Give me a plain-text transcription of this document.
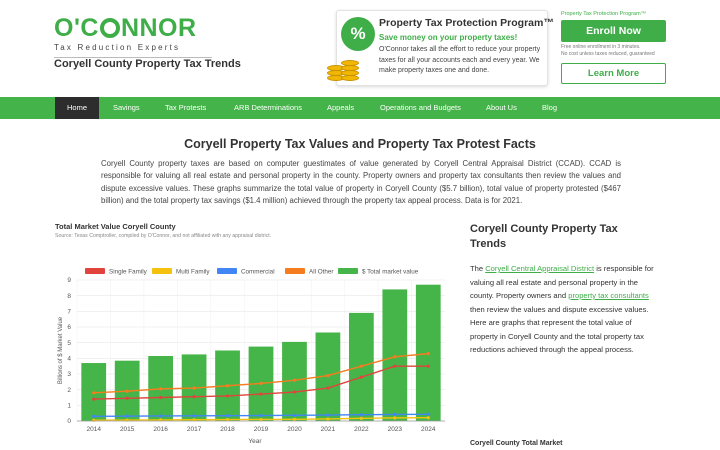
O'C NNOR
Tax Reduction Experts
Coryell County Property Tax Trends
%
Property Tax Protection Program™
Save money on your property taxes!
O'Connor takes all the effort to reduce your property taxes for all your accounts each and every year. We make property taxes one and done.
Property Tax Protection Program™
Enroll Now
Free online enrollment in 3 minutes.
No cost unless taxes reduced, guaranteed
Learn More
Home	Savings	Tax Protests	ARB Determinations	Appeals	Operations and Budgets	About Us	Blog
Coryell Property Tax Values and Property Tax Protest Facts

Coryell County property taxes are based on computer guestimates of value generated by Coryell Central Appraisal District (CCAD). CCAD is responsible for valuing all real estate and personal property in the county. Property owners and property tax consultants then review the values and dispute excessive values. These graphs summarize the total value of property in Coryell County ($5.7 billion), total value of property protested ($467 billion) and the total property tax savings ($1.4 million) achieved through the property tax appeal process. Data is for 2021.

Total Market Value Coryell County
Source: Texas Comptroller, compiled by O'Connor, and not affiliated with any appraisal district.
Single Family	Multi Family	Commercial	All Other	$ Total market value
0
1
2
3
4
5
6
7
8
9
2014	2015	2016	2017	2018	2019	2020	2021	2022	2023	2024
Year
Billions of $ Market Value
Coryell County Property Tax Trends

The Coryell Central Appraisal District is responsible for valuing all real estate and personal property in the county. Property owners and property tax consultants then review the values and dispute excessive values. Here are graphs that represent the total value of property in Coryell County and the total property tax reductions achieved through the appeal process.

Coryell County Total Market
